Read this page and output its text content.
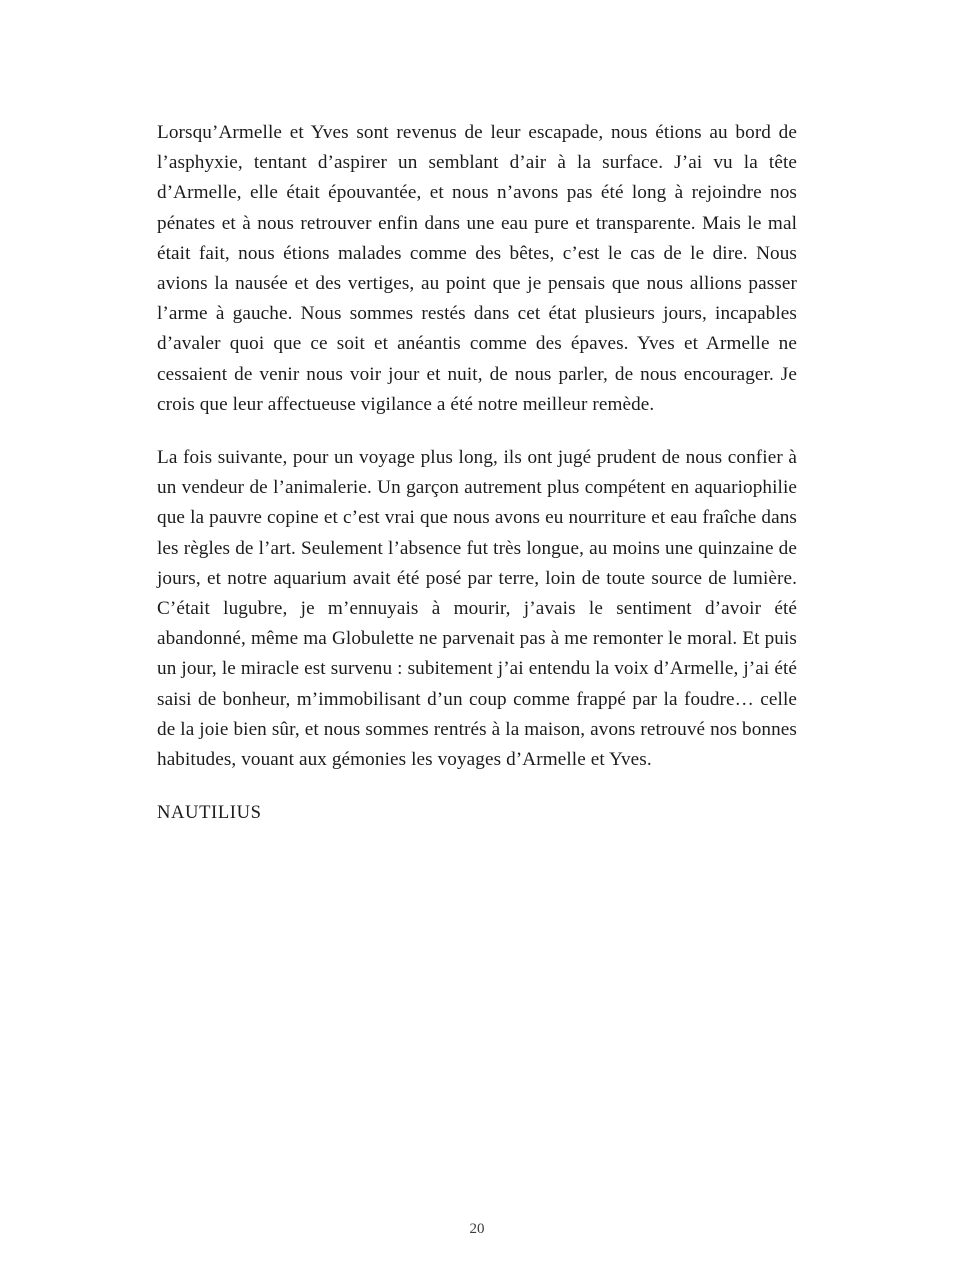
Lorsqu’Armelle et Yves sont revenus de leur escapade, nous étions au bord de l’asphyxie, tentant d’aspirer un semblant d’air à la surface. J’ai vu la tête d’Armelle, elle était épouvantée, et nous n’avons pas été long à rejoindre nos pénates et à nous retrouver enfin dans une eau pure et transparente. Mais le mal était fait, nous étions malades comme des bêtes, c’est le cas de le dire. Nous avions la nausée et des vertiges, au point que je pensais que nous allions passer l’arme à gauche. Nous sommes restés dans cet état plusieurs jours, incapables d’avaler quoi que ce soit et anéantis comme des épaves. Yves et Armelle ne cessaient de venir nous voir jour et nuit, de nous parler, de nous encourager. Je crois que leur affectueuse vigilance a été notre meilleur remède.

La fois suivante, pour un voyage plus long, ils ont jugé prudent de nous confier à un vendeur de l’animalerie. Un garçon autrement plus compétent en aquariophilie que la pauvre copine et c’est vrai que nous avons eu nourriture et eau fraîche dans les règles de l’art. Seulement l’absence fut très longue, au moins une quinzaine de jours, et notre aquarium avait été posé par terre, loin de toute source de lumière. C’était lugubre, je m’ennuyais à mourir, j’avais le sentiment d’avoir été abandonné, même ma Globulette ne parvenait pas à me remonter le moral. Et puis un jour, le miracle est survenu : subitement j’ai entendu la voix d’Armelle, j’ai été saisi de bonheur, m’immobilisant d’un coup comme frappé par la foudre… celle de la joie bien sûr, et nous sommes rentrés à la maison, avons retrouvé nos bonnes habitudes, vouant aux gémonies les voyages d’Armelle et Yves.

NAUTILIUS

20
